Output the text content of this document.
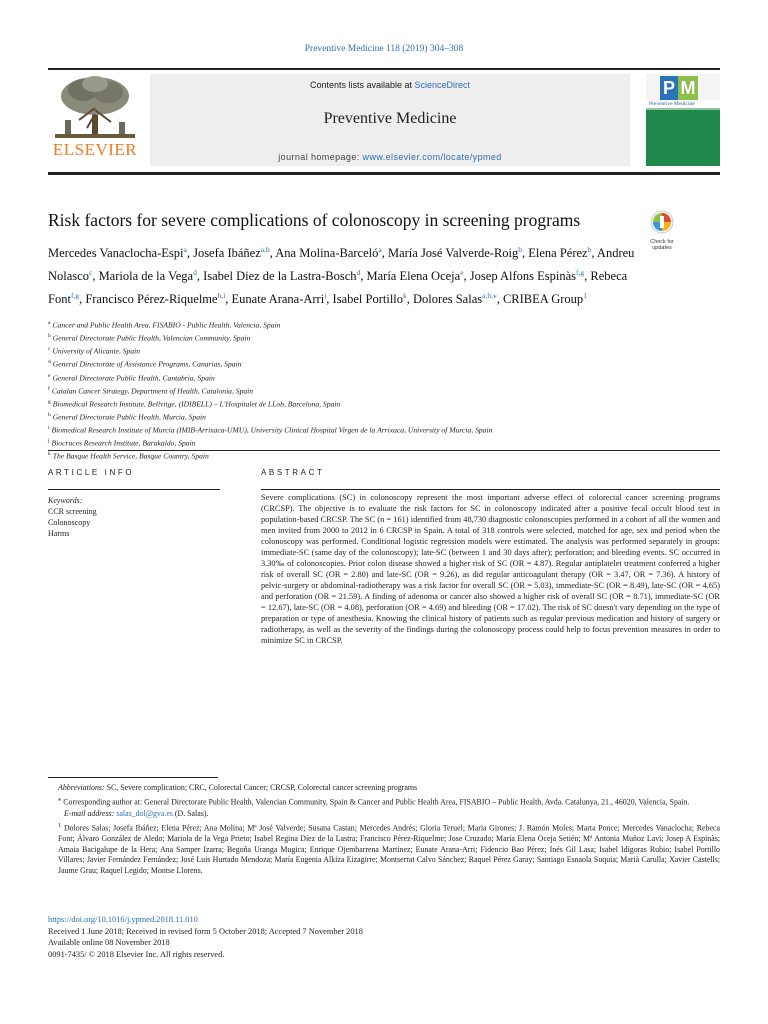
Preventive Medicine 118 (2019) 304–308
ELSEVIER
Contents lists available at ScienceDirect
Preventive Medicine
journal homepage: www.elsevier.com/locate/ypmed
P M
Preventive Medicine
Risk factors for severe complications of colonoscopy in screening programs
Check for
updates
Mercedes Vanaclocha-Espi$^a$, Josefa Ibáñez$^{a,b}$, Ana Molina-Barceló$^a$, María José Valverde-Roig$^b$, Elena Pérez$^b$, Andreu Nolasco$^c$, Mariola de la Vega$^d$, Isabel Diez de la Lastra-Bosch$^d$, María Elena Oceja$^e$, Josep Alfons Espinàs$^{f,g}$, Rebeca Font$^{f,g}$, Francisco Pérez-Riquelme$^{h,i}$, Eunate Arana-Arri$^j$, Isabel Portillo$^k$, Dolores Salas$^{a,b,⁎}$, CRIBEA Group$^1$
$^a$ Cancer and Public Health Area, FISABIO - Public Health, Valencia, Spain
$^b$ General Directorate Public Health, Valencian Community, Spain
$^c$ University of Alicante, Spain
$^d$ General Directorate of Assistance Programs, Canarias, Spain
$^e$ General Directorate Public Health, Cantabria, Spain
$^f$ Catalan Cancer Strategy, Department of Health, Catalonia, Spain
$^g$ Biomedical Research Institute, Bellvitge, (IDIBELL) – L'Hospitalet de LLob, Barcelona, Spain
$^h$ General Directorate Public Health, Murcia, Spain
$^i$ Biomedical Research Institute of Murcia (IMIB-Arrixaca-UMU), University Clinical Hospital Virgen de la Arrixaca, University of Murcia, Spain
$^j$ Biocruces Research Institute, Barakaldo, Spain
$^k$ The Basque Health Service, Basque Country, Spain
ARTICLE INFO	ABSTRACT
Keywords:
CCR screening
Colonoscopy
Harms

Severe complications (SC) in colonoscopy represent the most important adverse effect of colorectal cancer screening programs (CRCSP). The objective is to evaluate the risk factors for SC in colonoscopy indicated after a positive fecal occult blood test in population-based CRCSP. The SC (n = 161) identified from 48,730 diagnostic colonoscopies performed in a cohort of all the women and men invited from 2000 to 2012 in 6 CRCSP in Spain. A total of 318 controls were selected, matched for age, sex and period when the colonoscopy was performed. Conditional logistic regression models were estimated. The analysis was performed separately in groups: immediate-SC (same day of the colonoscopy); late-SC (between 1 and 30 days after); perforation; and bleeding events. SC occurred in 3.30‰ of colonoscopies. Prior colon disease showed a higher risk of SC (OR = 4.87). Regular antiplatelet treatment conferred a higher risk of overall SC (OR = 2.80) and late-SC (OR = 9.26), as did regular anticoagulant therapy (OR = 3.47, OR = 7.36). A history of pelvic-surgery or abdominal-radiotherapy was a risk factor for overall SC (OR = 5.03), immediate-SC (OR = 8.49), late-SC (OR = 4.65) and perforation (OR = 21.59). A finding of adenoma or cancer also showed a higher risk of overall SC (OR = 8.71), immediate-SC (OR = 12.67), late-SC (OR = 4.08), perforation (OR = 4.69) and bleeding (OR = 17.02). The risk of SC doesn't vary depending on the type of preparation or type of anesthesia. Knowing the clinical history of patients such as regular previous medication and history of surgery or radiotherapy, as well as the severity of the findings during the colonoscopy process could help to focus prevention measures in order to minimize SC in CRCSP.

Abbreviations: SC, Severe complication; CRC, Colorectal Cancer; CRCSP, Colorectal cancer screening programs

⁎ Corresponding author at: General Directorate Public Health, Valencian Community, Spain & Cancer and Public Health Area, FISABIO – Public Health, Avda. Catalunya, 21., 46020, Valencia, Spain.

E-mail address: salas_dol@gva.es (D. Salas).

$^1$ Dolores Salas; Josefa Ibáñez; Elena Pérez; Ana Molina; Mª José Valverde; Susana Castan; Mercedes Andrés; Gloria Teruel; Maria Girones; J. Ramón Moles; Marta Ponce; Mercedes Vanaclocha; Rebeca Font; Álvaro González de Aledo; Mariola de la Vega Prieto; Isabel Regina Díez de la Lastra; Francisco Pérez-Riquelme; Jose Cruzado; María Elena Oceja Setién; Mª Antonia Muñoz Laví; Josep A Espinàs; Amaia Bacigalupe de la Hera; Ana Samper Izarra; Begoña Uranga Mugica; Enrique Ojembarrena Martínez; Eunate Arana-Arri; Fidencio Bao Pérez; Inés Gil Lasa; Isabel Idígoras Rubio; Isabel Portillo Villares; Javier Fernández Fernández; José Luis Hurtado Mendoza; María Eugenia Alkiza Eizagirre; Montserrat Calvo Sánchez; Raquel Pérez Garay; Santiago Esnaola Suquia; Marià Carulla; Xavier Castells; Jaume Grau; Raquel Legido; Montse Llorens.

https://doi.org/10.1016/j.ypmed.2018.11.010

Received 1 June 2018; Received in revised form 5 October 2018; Accepted 7 November 2018

Available online 08 November 2018

0091-7435/ © 2018 Elsevier Inc. All rights reserved.
